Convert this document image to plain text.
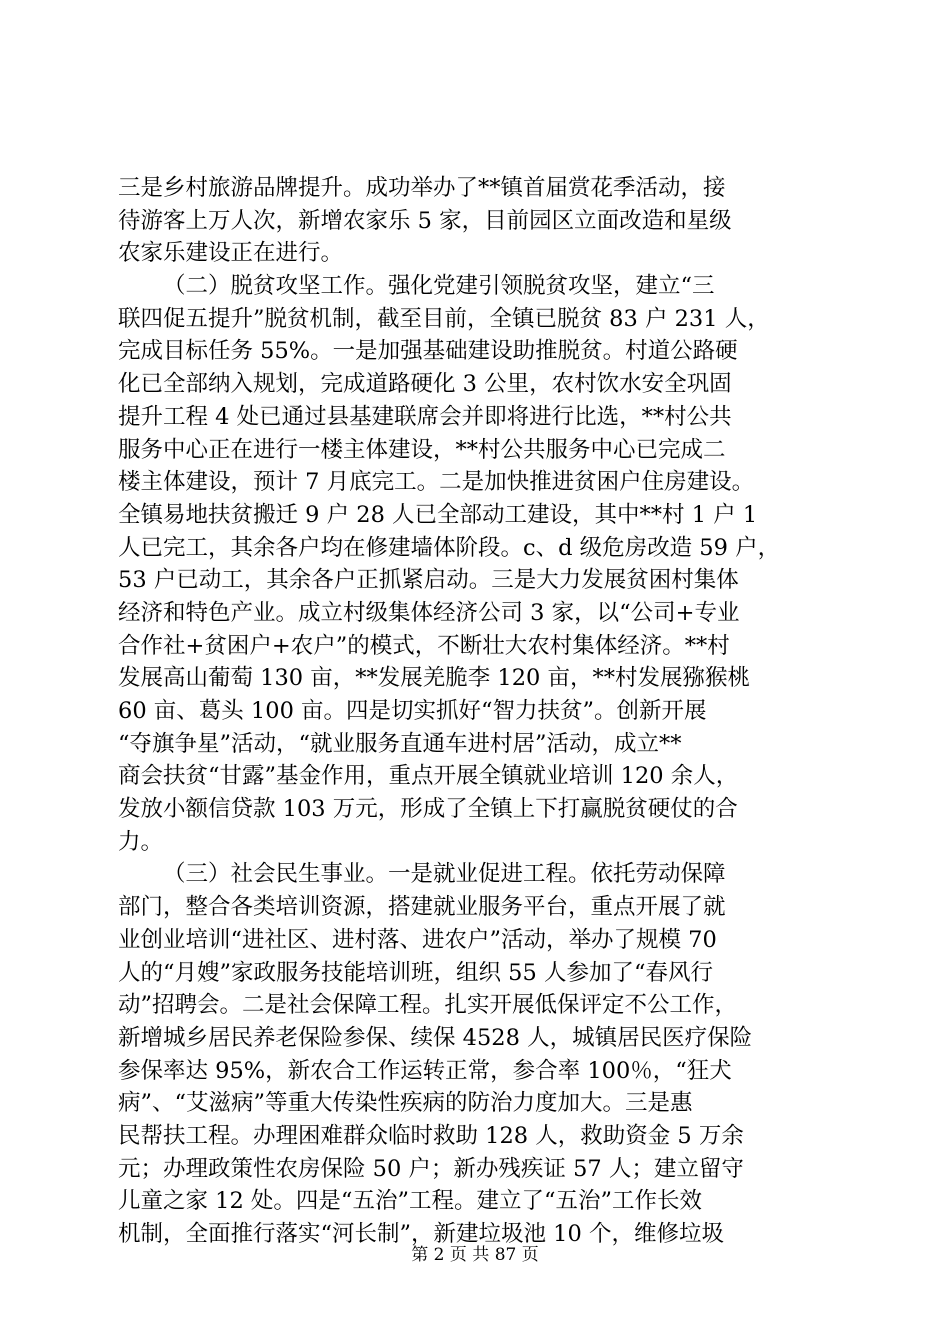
三是乡村旅游品牌提升。成功举办了**镇首届赏花季活动，接
待游客上万人次，新增农家乐 5 家，目前园区立面改造和星级
农家乐建设正在进行。
（二）脱贫攻坚工作。强化党建引领脱贫攻坚，建立“三
联四促五提升”脱贫机制，截至目前，全镇已脱贫 83 户 231 人，
完成目标任务 55%。一是加强基础建设助推脱贫。村道公路硬
化已全部纳入规划，完成道路硬化 3 公里，农村饮水安全巩固
提升工程 4 处已通过县基建联席会并即将进行比选，**村公共
服务中心正在进行一楼主体建设，**村公共服务中心已完成二
楼主体建设，预计 7 月底完工。二是加快推进贫困户住房建设。
全镇易地扶贫搬迁 9 户 28 人已全部动工建设，其中**村 1 户 1
人已完工，其余各户均在修建墙体阶段。c、d 级危房改造 59 户，
53 户已动工，其余各户正抓紧启动。三是大力发展贫困村集体
经济和特色产业。成立村级集体经济公司 3 家，以“公司+专业
合作社+贫困户+农户”的模式，不断壮大农村集体经济。**村
发展高山葡萄 130 亩，**发展羌脆李 120 亩，**村发展猕猴桃
60 亩、葛头 100 亩。四是切实抓好“智力扶贫”。创新开展
“夺旗争星”活动，“就业服务直通车进村居”活动，成立**
商会扶贫“甘露”基金作用，重点开展全镇就业培训 120 余人，
发放小额信贷款 103 万元，形成了全镇上下打赢脱贫硬仗的合
力。
（三）社会民生事业。一是就业促进工程。依托劳动保障
部门，整合各类培训资源，搭建就业服务平台，重点开展了就
业创业培训“进社区、进村落、进农户”活动，举办了规模 70
人的“月嫂”家政服务技能培训班，组织 55 人参加了“春风行
动”招聘会。二是社会保障工程。扎实开展低保评定不公工作，
新增城乡居民养老保险参保、续保 4528 人，城镇居民医疗保险
参保率达 95%，新农合工作运转正常，参合率 100％，“狂犬
病”、“艾滋病”等重大传染性疾病的防治力度加大。三是惠
民帮扶工程。办理困难群众临时救助 128 人，救助资金 5 万余
元；办理政策性农房保险 50 户；新办残疾证 57 人；建立留守
儿童之家 12 处。四是“五治”工程。建立了“五治”工作长效
机制，全面推行落实“河长制”，新建垃圾池 10 个，维修垃圾
第 2 页 共 87 页
